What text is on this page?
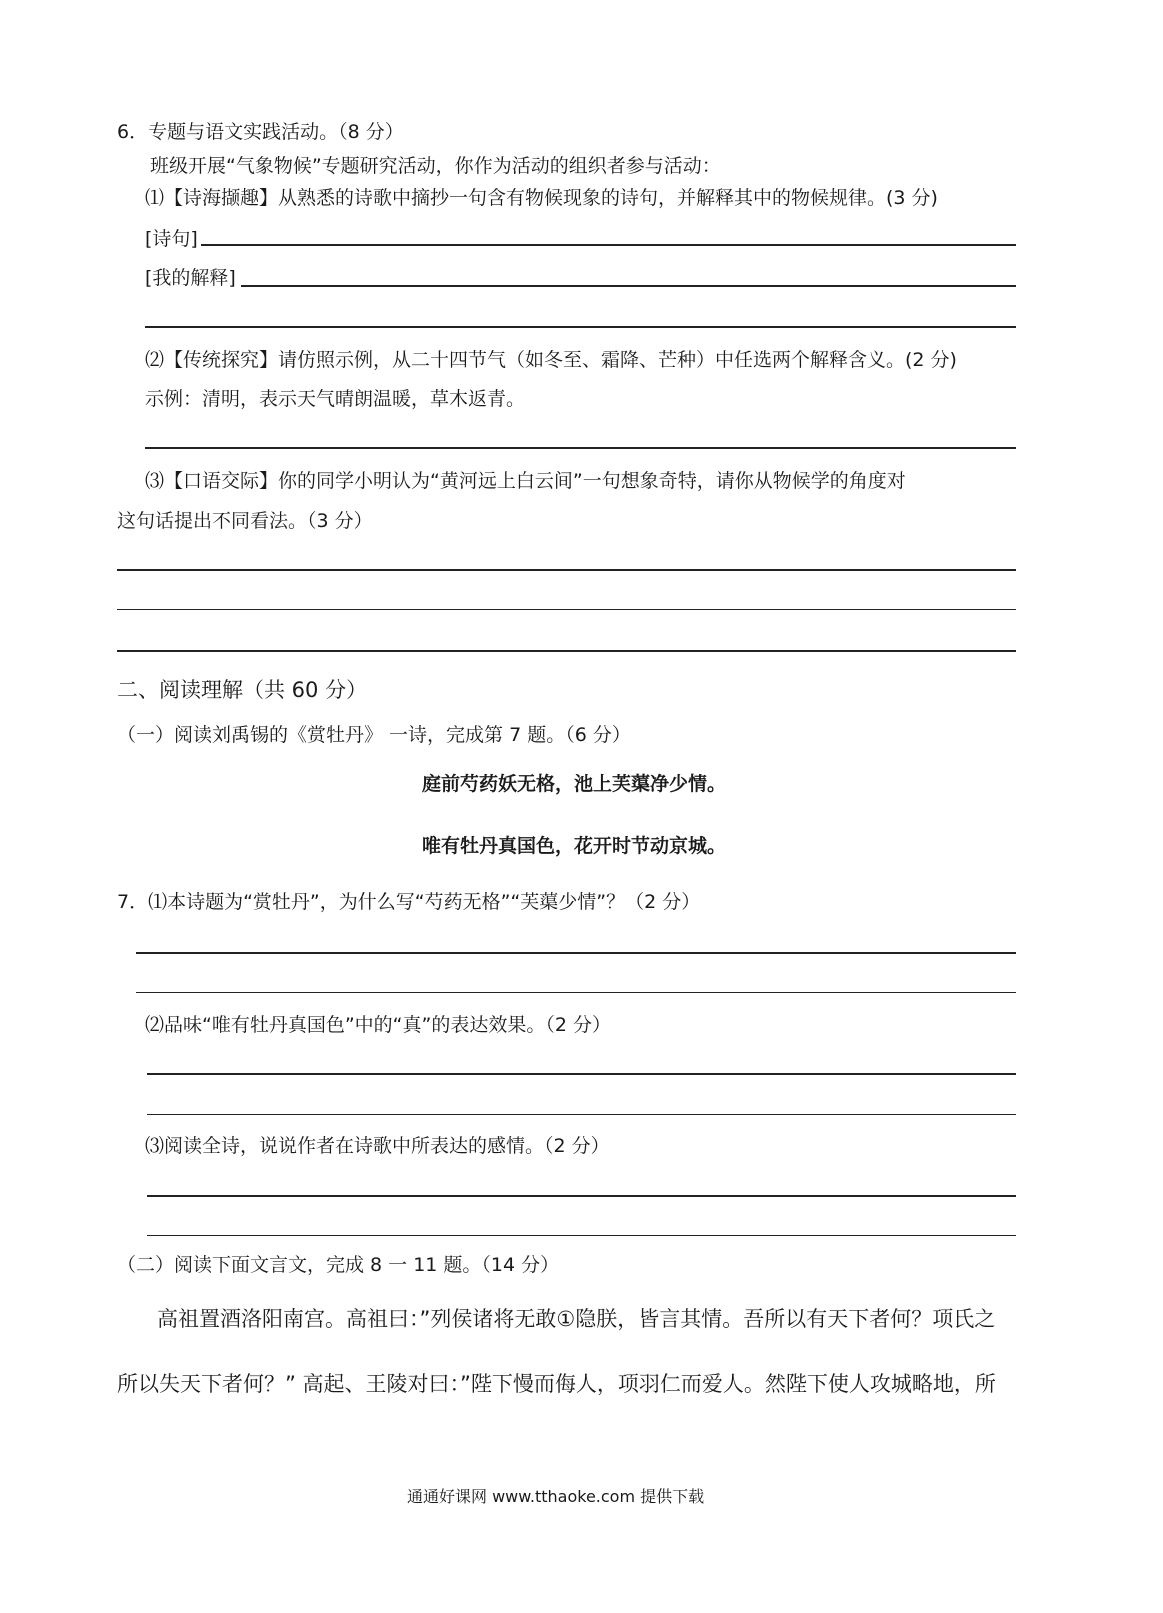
6．专题与语文实践活动。（8 分）
班级开展“气象物候”专题研究活动，你作为活动的组织者参与活动：
⑴【诗海撷趣】从熟悉的诗歌中摘抄一句含有物候现象的诗句，并解释其中的物候规律。(3 分)
[诗句]
[我的解释]
⑵【传统探究】请仿照示例，从二十四节气（如冬至、霜降、芒种）中任选两个解释含义。(2 分)
示例：清明，表示天气晴朗温暖，草木返青。
⑶【口语交际】你的同学小明认为“黄河远上白云间”一句想象奇特，请你从物候学的角度对
这句话提出不同看法。（3 分）
二、阅读理解（共 60 分）
（一）阅读刘禹锡的《赏牡丹》 一诗，完成第 7 题。（6 分）
庭前芍药妖无格，池上芙蕖净少情。
唯有牡丹真国色，花开时节动京城。
7．⑴本诗题为“赏牡丹”，为什么写“芍药无格”“芙蕖少情”？（2 分）
⑵品味“唯有牡丹真国色”中的“真”的表达效果。（2 分）
⑶阅读全诗，说说作者在诗歌中所表达的感情。（2 分）
（二）阅读下面文言文，完成 8 一 11 题。（14 分）
高祖置酒洛阳南宫。高祖曰：”列侯诸将无敢①隐朕，皆言其情。吾所以有天下者何？项氏之
所以失天下者何？” 高起、王陵对曰：”陛下慢而侮人，项羽仁而爱人。然陛下使人攻城略地，所
通通好课网 www.tthaoke.com 提供下载
